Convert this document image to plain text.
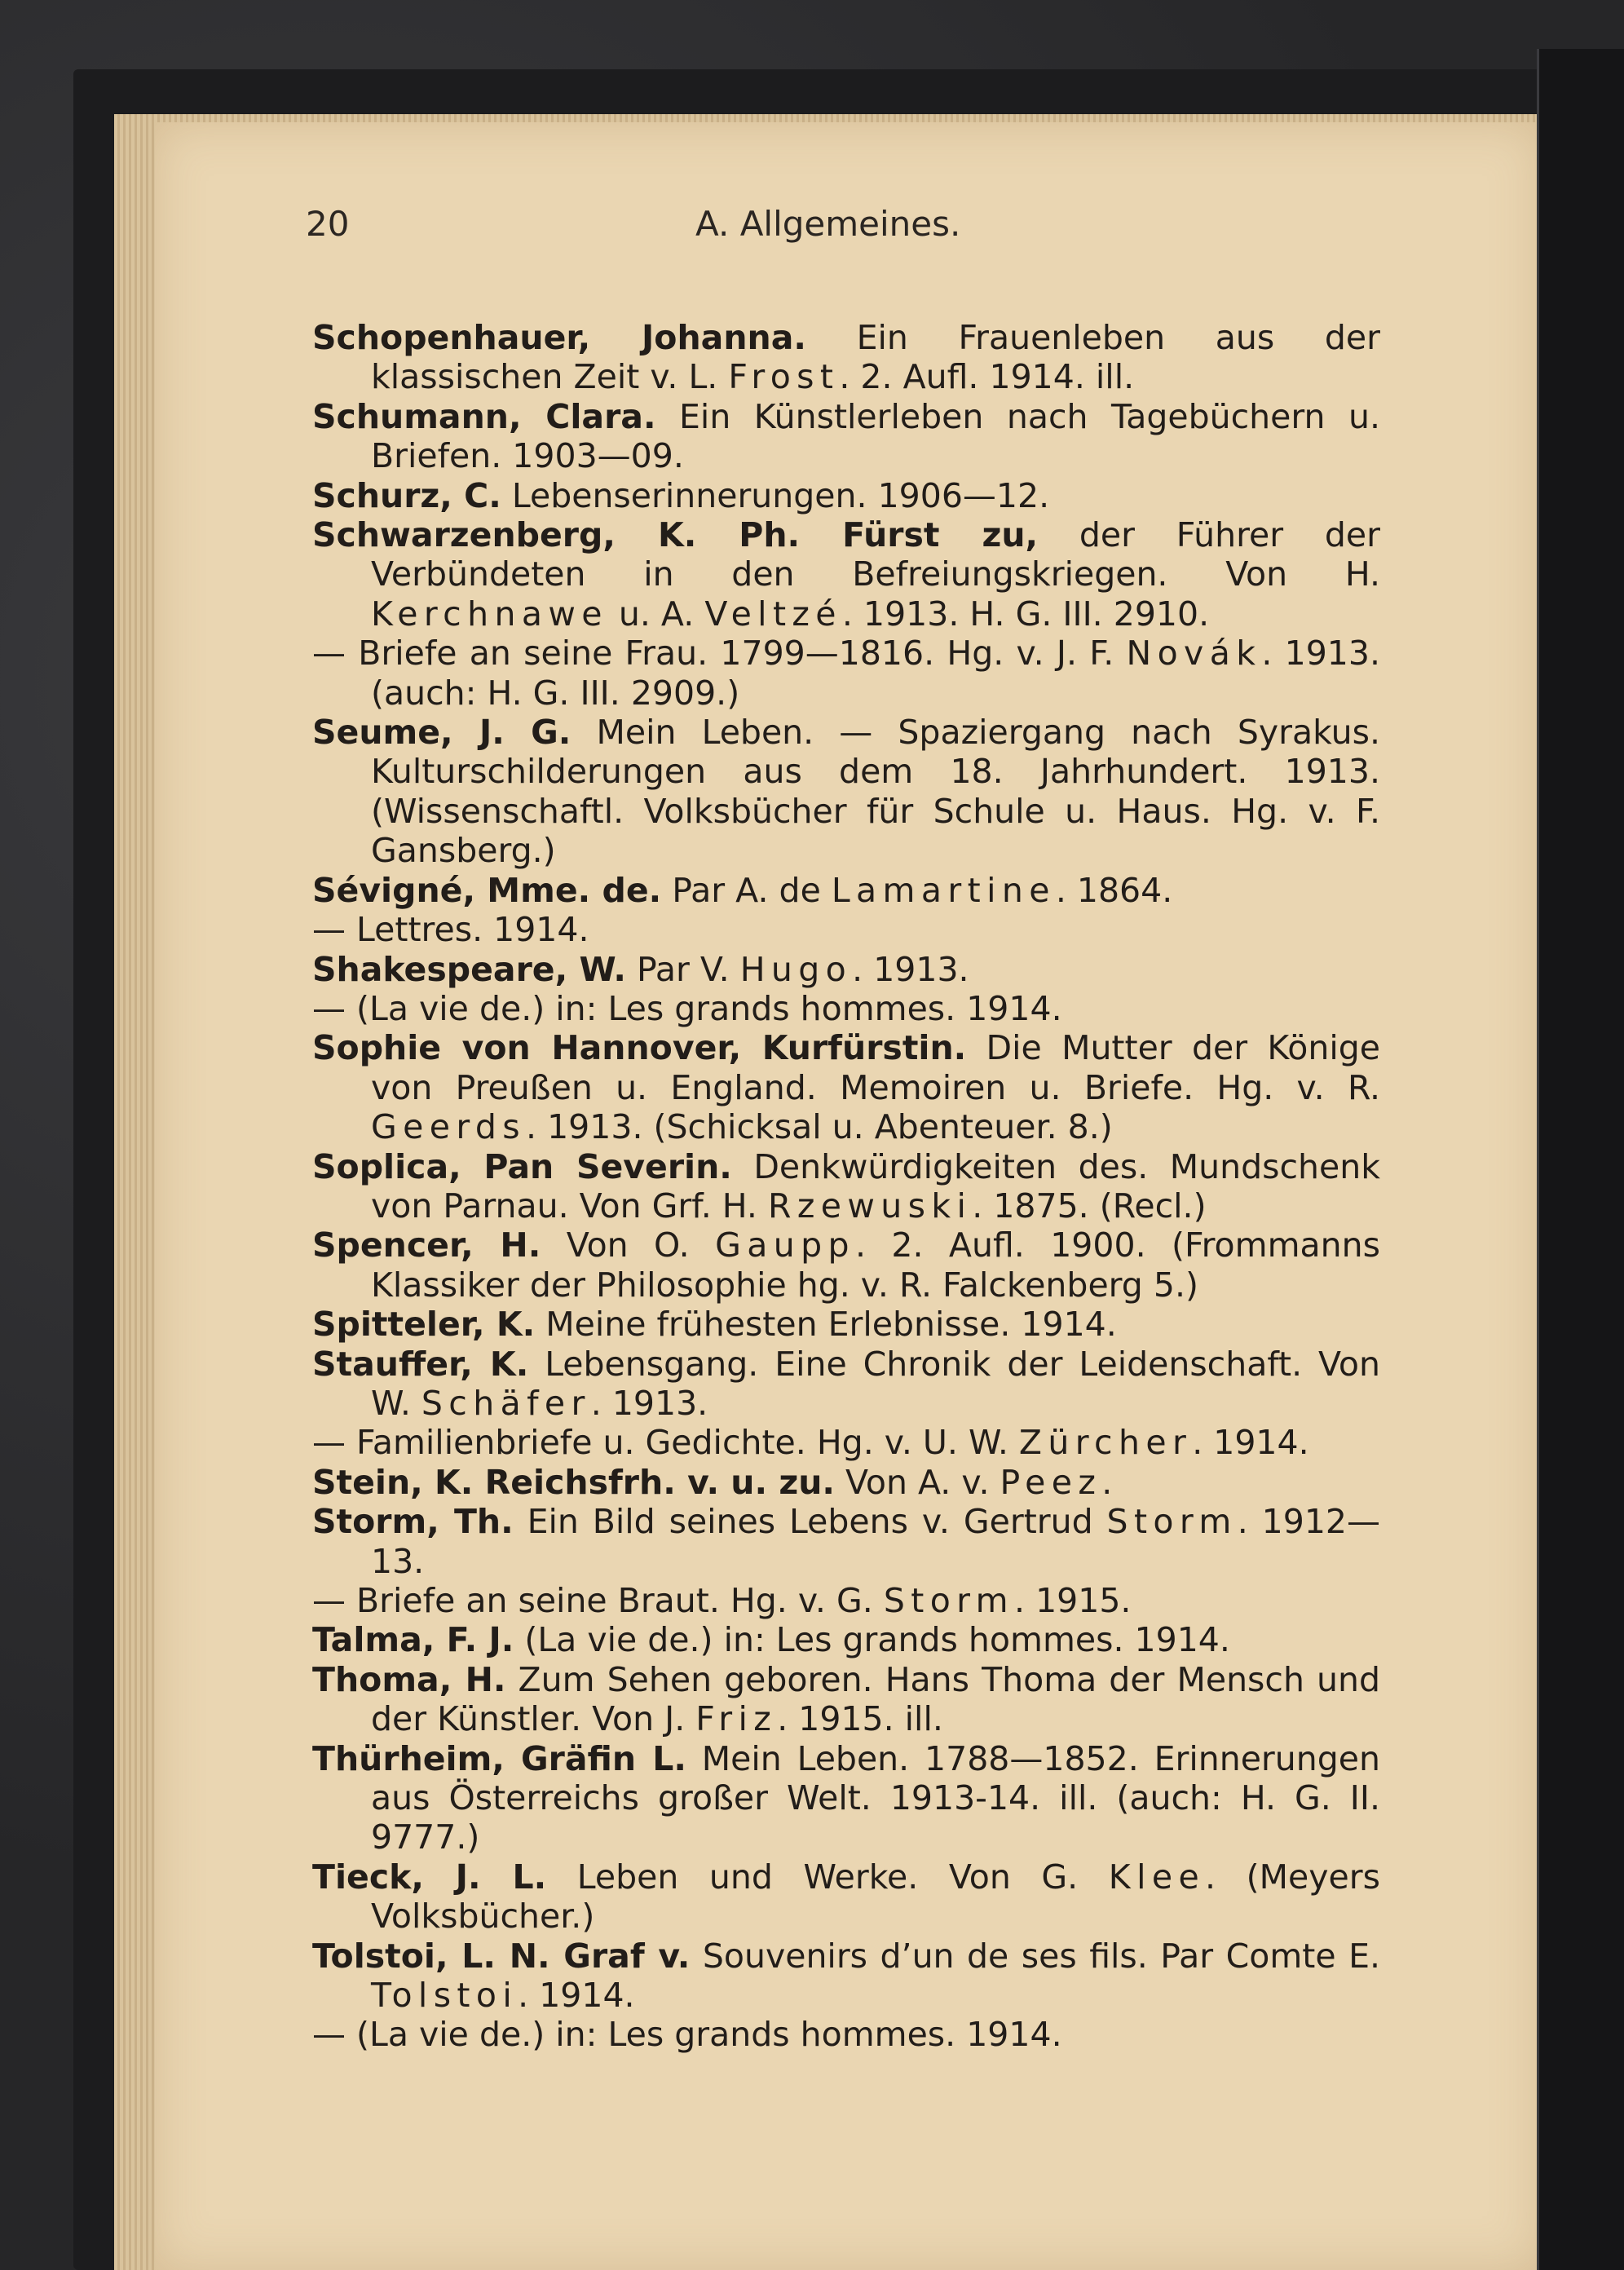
20	A. Allgemeines.
Schopenhauer, Johanna. Ein Frauenleben aus der klassischen Zeit v. L. Frost. 2. Aufl. 1914. ill.
Schumann, Clara. Ein Künstlerleben nach Tagebüchern u. Briefen. 1903—09.
Schurz, C. Lebenserinnerungen. 1906—12.
Schwarzenberg, K. Ph. Fürst zu, der Führer der Verbündeten in den Befreiungskriegen. Von H. Kerchnawe u. A. Veltzé. 1913. H. G. III. 2910.
— Briefe an seine Frau. 1799—1816. Hg. v. J. F. Novák. 1913. (auch: H. G. III. 2909.)
Seume, J. G. Mein Leben. — Spaziergang nach Syrakus. Kulturschilderungen aus dem 18. Jahrhundert. 1913. (Wissenschaftl. Volksbücher für Schule u. Haus. Hg. v. F. Gansberg.)
Sévigné, Mme. de. Par A. de Lamartine. 1864.
— Lettres. 1914.
Shakespeare, W. Par V. Hugo. 1913.
— (La vie de.) in: Les grands hommes. 1914.
Sophie von Hannover, Kurfürstin. Die Mutter der Könige von Preußen u. England. Memoiren u. Briefe. Hg. v. R. Geerds. 1913. (Schicksal u. Abenteuer. 8.)
Soplica, Pan Severin. Denkwürdigkeiten des. Mundschenk von Parnau. Von Grf. H. Rzewuski. 1875. (Recl.)
Spencer, H. Von O. Gaupp. 2. Aufl. 1900. (Frommanns Klassiker der Philosophie hg. v. R. Falckenberg 5.)
Spitteler, K. Meine frühesten Erlebnisse. 1914.
Stauffer, K. Lebensgang. Eine Chronik der Leidenschaft. Von W. Schäfer. 1913.
— Familienbriefe u. Gedichte. Hg. v. U. W. Zürcher. 1914.
Stein, K. Reichsfrh. v. u. zu. Von A. v. Peez.
Storm, Th. Ein Bild seines Lebens v. Gertrud Storm. 1912—13.
— Briefe an seine Braut. Hg. v. G. Storm. 1915.
Talma, F. J. (La vie de.) in: Les grands hommes. 1914.
Thoma, H. Zum Sehen geboren. Hans Thoma der Mensch und der Künstler. Von J. Friz. 1915. ill.
Thürheim, Gräfin L. Mein Leben. 1788—1852. Erinnerungen aus Österreichs großer Welt. 1913-14. ill. (auch: H. G. II. 9777.)
Tieck, J. L. Leben und Werke. Von G. Klee. (Meyers Volksbücher.)
Tolstoi, L. N. Graf v. Souvenirs d’un de ses fils. Par Comte E. Tolstoi. 1914.
— (La vie de.) in: Les grands hommes. 1914.
